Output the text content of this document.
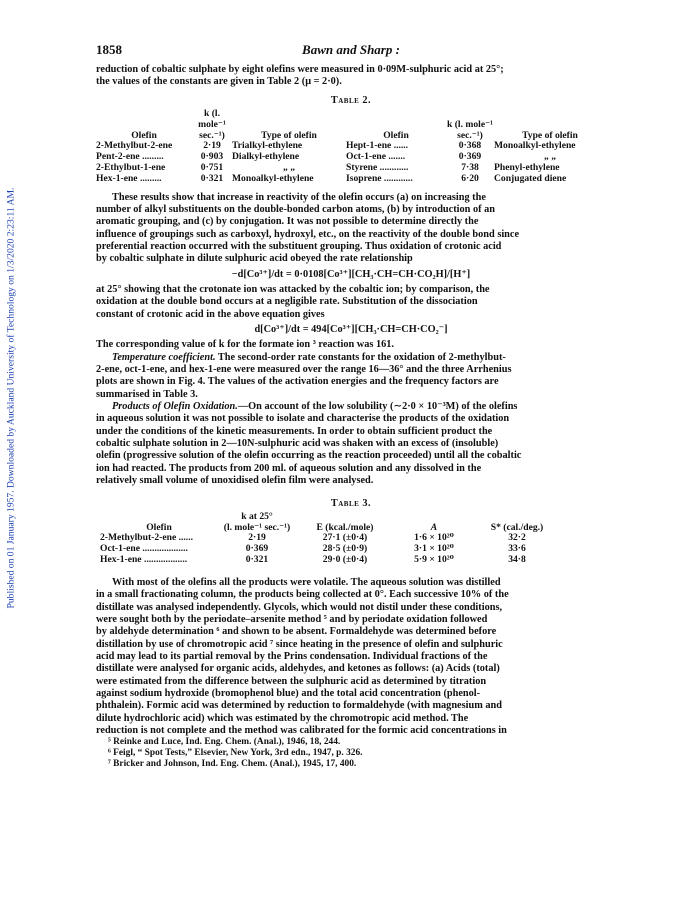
Published on 01 January 1957. Downloaded by Auckland University of Technology on 1/3/2020 2:23:11 AM.
1858	Bawn and Sharp :

reduction of cobaltic sulphate by eight olefins were measured in 0·09M-sulphuric acid at 25°;

the values of the constants are given in Table 2 (μ = 2·0).

Table 2.
	k (l. mole⁻¹			k (l. mole⁻¹	
Olefin	sec.⁻¹)	Type of olefin	Olefin	sec.⁻¹)	Type of olefin
2-Methylbut-2-ene	2·19	Trialkyl-ethylene	Hept-1-ene ......	0·368	Monoalkyl-ethylene
Pent-2-ene .........	0·903	Dialkyl-ethylene	Oct-1-ene .......	0·369	„ „
2-Ethylbut-1-ene	0·751	„ „	Styrene ............	7·38	Phenyl-ethylene
Hex-1-ene .........	0·321	Monoalkyl-ethylene	Isoprene ............	6·20	Conjugated diene

These results show that increase in reactivity of the olefin occurs (a) on increasing the

number of alkyl substituents on the double-bonded carbon atoms, (b) by introduction of an

aromatic grouping, and (c) by conjugation. It was not possible to determine directly the

influence of groupings such as carboxyl, hydroxyl, etc., on the reactivity of the double bond since

preferential reaction occurred with the substituent grouping. Thus oxidation of crotonic acid

by cobaltic sulphate in dilute sulphuric acid obeyed the rate relationship

−d[Co³⁺]/dt = 0·0108[Co³⁺][CH₃·CH=CH·CO₂H]/[H⁺]

at 25° showing that the crotonate ion was attacked by the cobaltic ion; by comparison, the

oxidation at the double bond occurs at a negligible rate. Substitution of the dissociation

constant of crotonic acid in the above equation gives

d[Co³⁺]/dt = 494[Co³⁺][CH₃·CH=CH·CO₂⁻]

The corresponding value of k for the formate ion ³ reaction was 161.

Temperature coefficient. The second-order rate constants for the oxidation of 2-methylbut-

2-ene, oct-1-ene, and hex-1-ene were measured over the range 16—36° and the three Arrhenius

plots are shown in Fig. 4. The values of the activation energies and the frequency factors are

summarised in Table 3.

Products of Olefin Oxidation.—On account of the low solubility (∼2·0 × 10⁻³M) of the olefins

in aqueous solution it was not possible to isolate and characterise the products of the oxidation

under the conditions of the kinetic measurements. In order to obtain sufficient product the

cobaltic sulphate solution in 2—10N-sulphuric acid was shaken with an excess of (insoluble)

olefin (progressive solution of the olefin occurring as the reaction proceeded) until all the cobaltic

ion had reacted. The products from 200 ml. of aqueous solution and any dissolved in the

relatively small volume of unoxidised olefin film were analysed.

Table 3.
	k at 25°			
Olefin	(l. mole⁻¹ sec.⁻¹)	E (kcal./mole)	A	S* (cal./deg.)
2-Methylbut-2-ene ......	2·19	27·1 (±0·4)	1·6 × 10²⁰	32·2
Oct-1-ene ...................	0·369	28·5 (±0·9)	3·1 × 10²⁰	33·6
Hex-1-ene ..................	0·321	29·0 (±0·4)	5·9 × 10²⁰	34·8

With most of the olefins all the products were volatile. The aqueous solution was distilled

in a small fractionating column, the products being collected at 0°. Each successive 10% of the

distillate was analysed independently. Glycols, which would not distil under these conditions,

were sought both by the periodate–arsenite method ⁵ and by periodate oxidation followed

by aldehyde determination ⁶ and shown to be absent. Formaldehyde was determined before

distillation by use of chromotropic acid ⁷ since heating in the presence of olefin and sulphuric

acid may lead to its partial removal by the Prins condensation. Individual fractions of the

distillate were analysed for organic acids, aldehydes, and ketones as follows: (a) Acids (total)

were estimated from the difference between the sulphuric acid as determined by titration

against sodium hydroxide (bromophenol blue) and the total acid concentration (phenol-

phthalein). Formic acid was determined by reduction to formaldehyde (with magnesium and

dilute hydrochloric acid) which was estimated by the chromotropic acid method. The

reduction is not complete and the method was calibrated for the formic acid concentrations in

⁵ Reinke and Luce, Ind. Eng. Chem. (Anal.), 1946, 18, 244.
⁶ Feigl, “ Spot Tests,” Elsevier, New York, 3rd edn., 1947, p. 326.
⁷ Bricker and Johnson, Ind. Eng. Chem. (Anal.), 1945, 17, 400.
